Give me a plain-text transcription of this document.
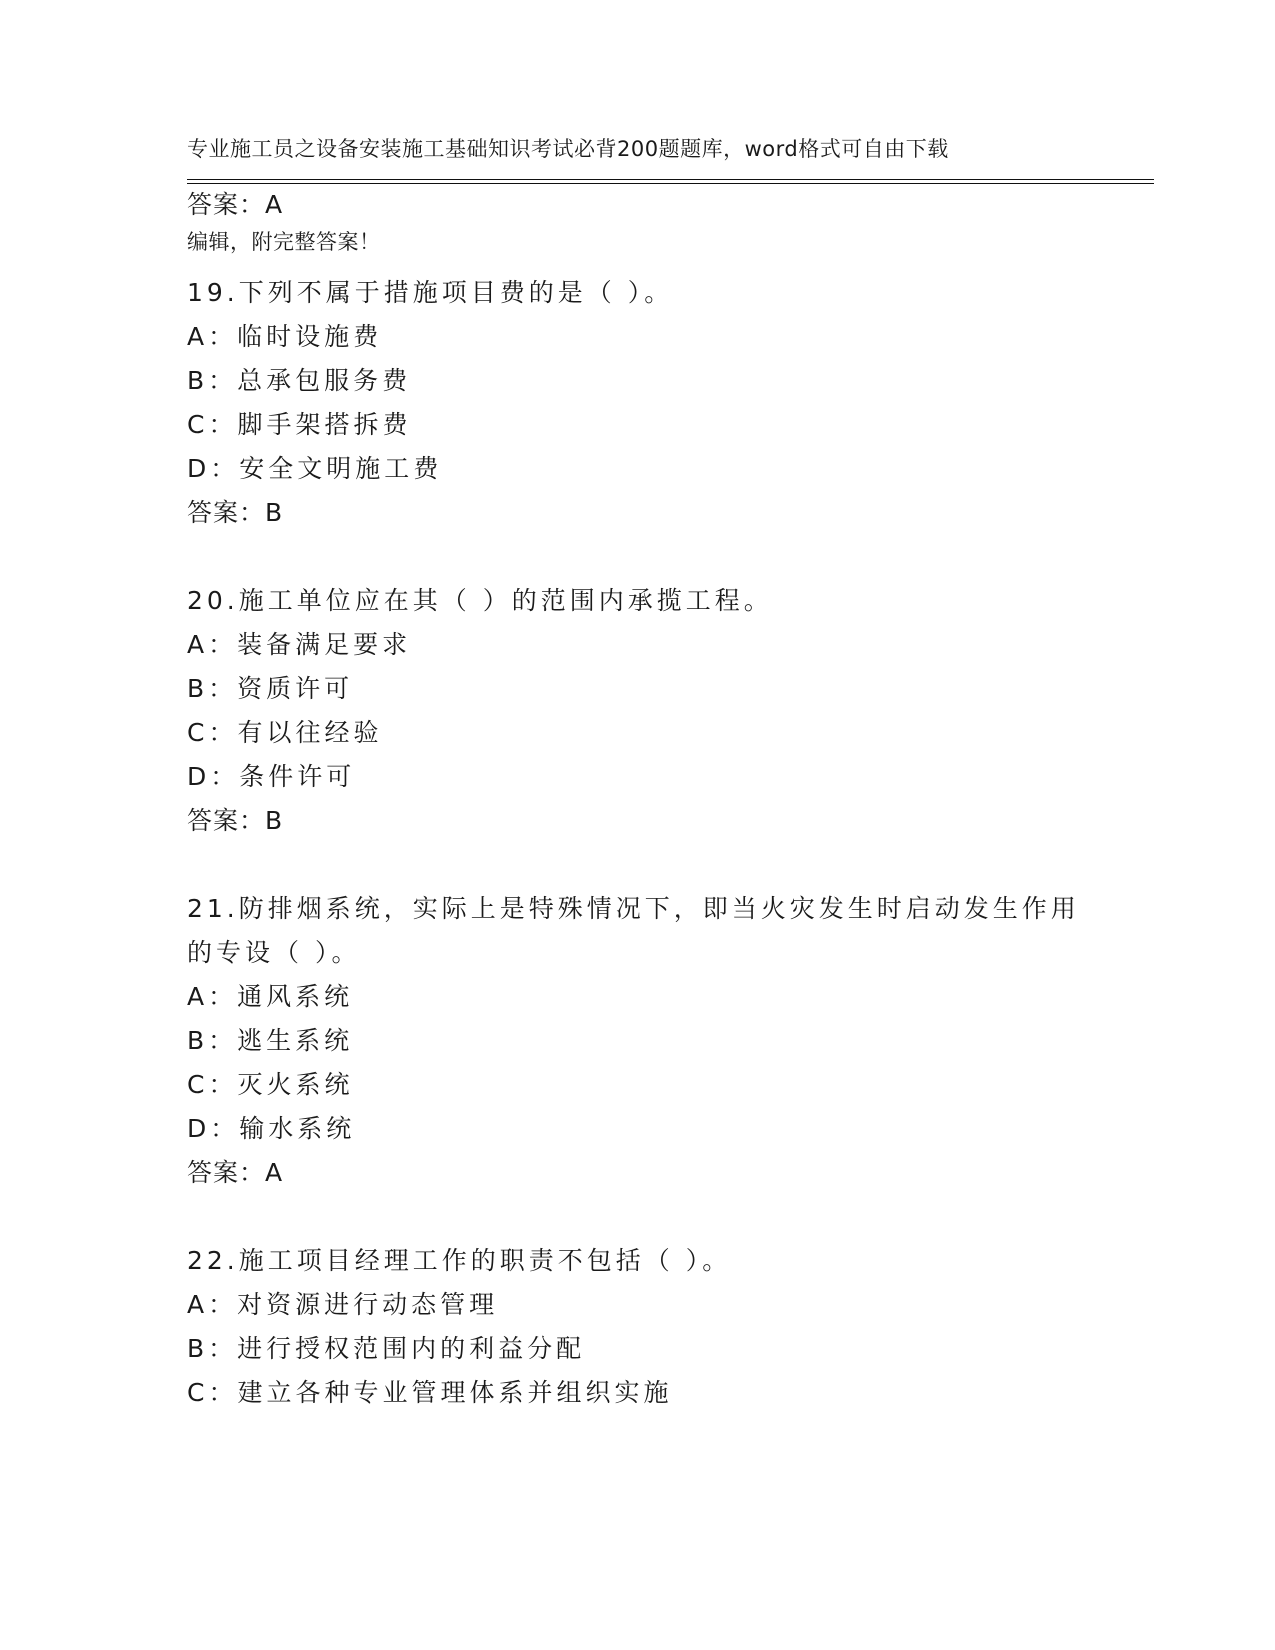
专业施工员之设备安装施工基础知识考试必背200题题库，word格式可自由下载

编辑，附完整答案！

答案：A
19.下列不属于措施项目费的是（ ）。
A：临时设施费
B：总承包服务费
C：脚手架搭拆费
D：安全文明施工费
答案：B
20.施工单位应在其（ ）的范围内承揽工程。
A：装备满足要求
B：资质许可
C：有以往经验
D：条件许可
答案：B
21.防排烟系统，实际上是特殊情况下，即当火灾发生时启动发生作用
的专设（ ）。
A：通风系统
B：逃生系统
C：灭火系统
D：输水系统
答案：A
22.施工项目经理工作的职责不包括（ ）。
A：对资源进行动态管理
B：进行授权范围内的利益分配
C：建立各种专业管理体系并组织实施
